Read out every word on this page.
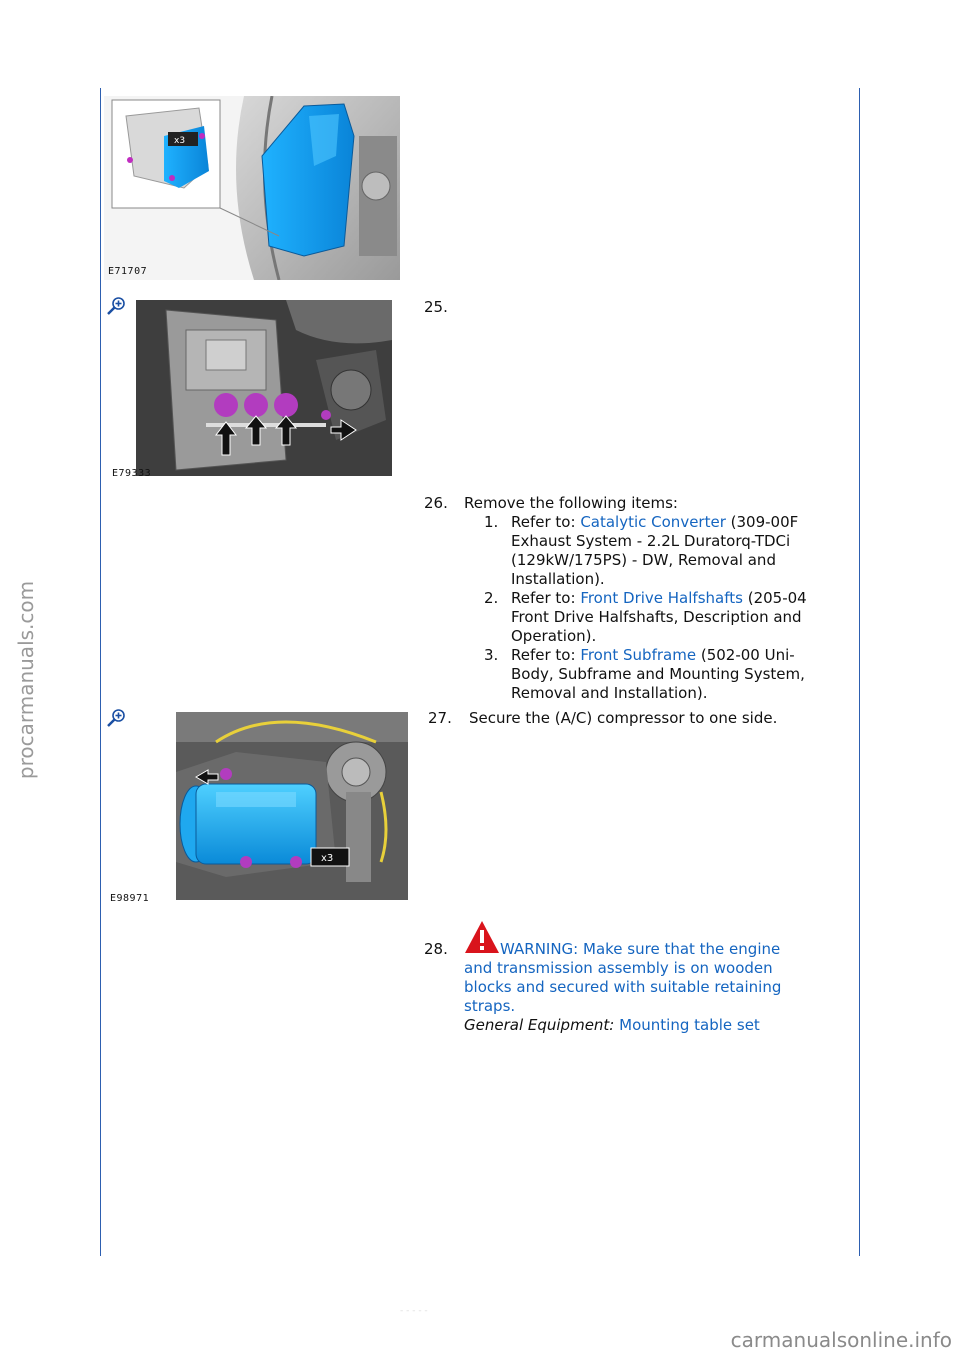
procarmanuals.com
carmanualsonline.info
- - - - -
x3
E71707
E79333
x3
E98971
25.
26. Remove the following items:
1. Refer to: Catalytic Converter (309-00F
Exhaust System - 2.2L Duratorq-TDCi
(129kW/175PS) - DW, Removal and
Installation).
2. Refer to: Front Drive Halfshafts (205-04
Front Drive Halfshafts, Description and
Operation).
3. Refer to: Front Subframe (502-00 Uni-
Body, Subframe and Mounting System,
Removal and Installation).
27. Secure the (A/C) compressor to one side.
28.	WARNING: Make sure that the engine
and transmission assembly is on wooden
blocks and secured with suitable retaining
straps.
General Equipment: Mounting table set
